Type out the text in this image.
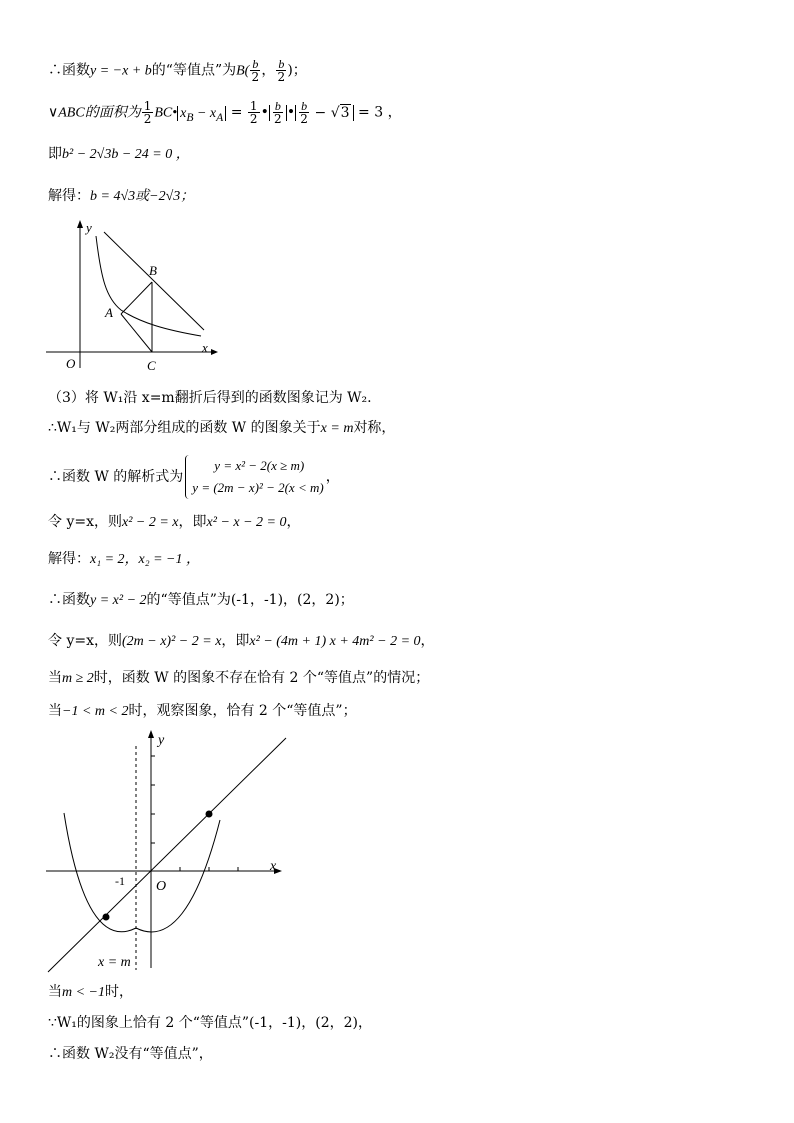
∴函数y = −x + b的“等值点”为$B( \frac{b}{2}$ ， $\frac{b}{2}$ )；
∨ABC的面积为 $\frac{1}{2}$ BC• $x_B - x_A = \frac{1}{2}$ • $\frac{b}{2}$ • $\frac{b}{2} - √3 = 3$ ，
即b² − 2√3b − 24 = 0 ，
解得：b = 4√3或−2√3；
y
x
O
A
B
C
（3）将 W₁沿 x=m翻折后得到的函数图象记为 W₂.
∴W₁与 W₂两部分组成的函数 W 的图象关于x = m对称，
∴函数 W 的解析式为
y = x² − 2(x ≥ m)
y = (2m − x)² − 2(x < m)
，
令 y=x，则x² − 2 = x，即x² − x − 2 = 0，
解得：x₁ = 2，x₂ = −1 ，
∴函数y = x² − 2的“等值点”为(-1，-1)，(2，2)；
令 y=x，则(2m − x)² − 2 = x，即x² − (4m + 1) x + 4m² − 2 = 0，
当m ≥ 2时，函数 W 的图象不存在恰有 2 个“等值点”的情况；
当−1 < m < 2时，观察图象，恰有 2 个“等值点”；
y
x
O
-1
x = m
当m < −1时，
∵W₁的图象上恰有 2 个“等值点”(-1，-1)，(2，2)，
∴函数 W₂没有“等值点”，
